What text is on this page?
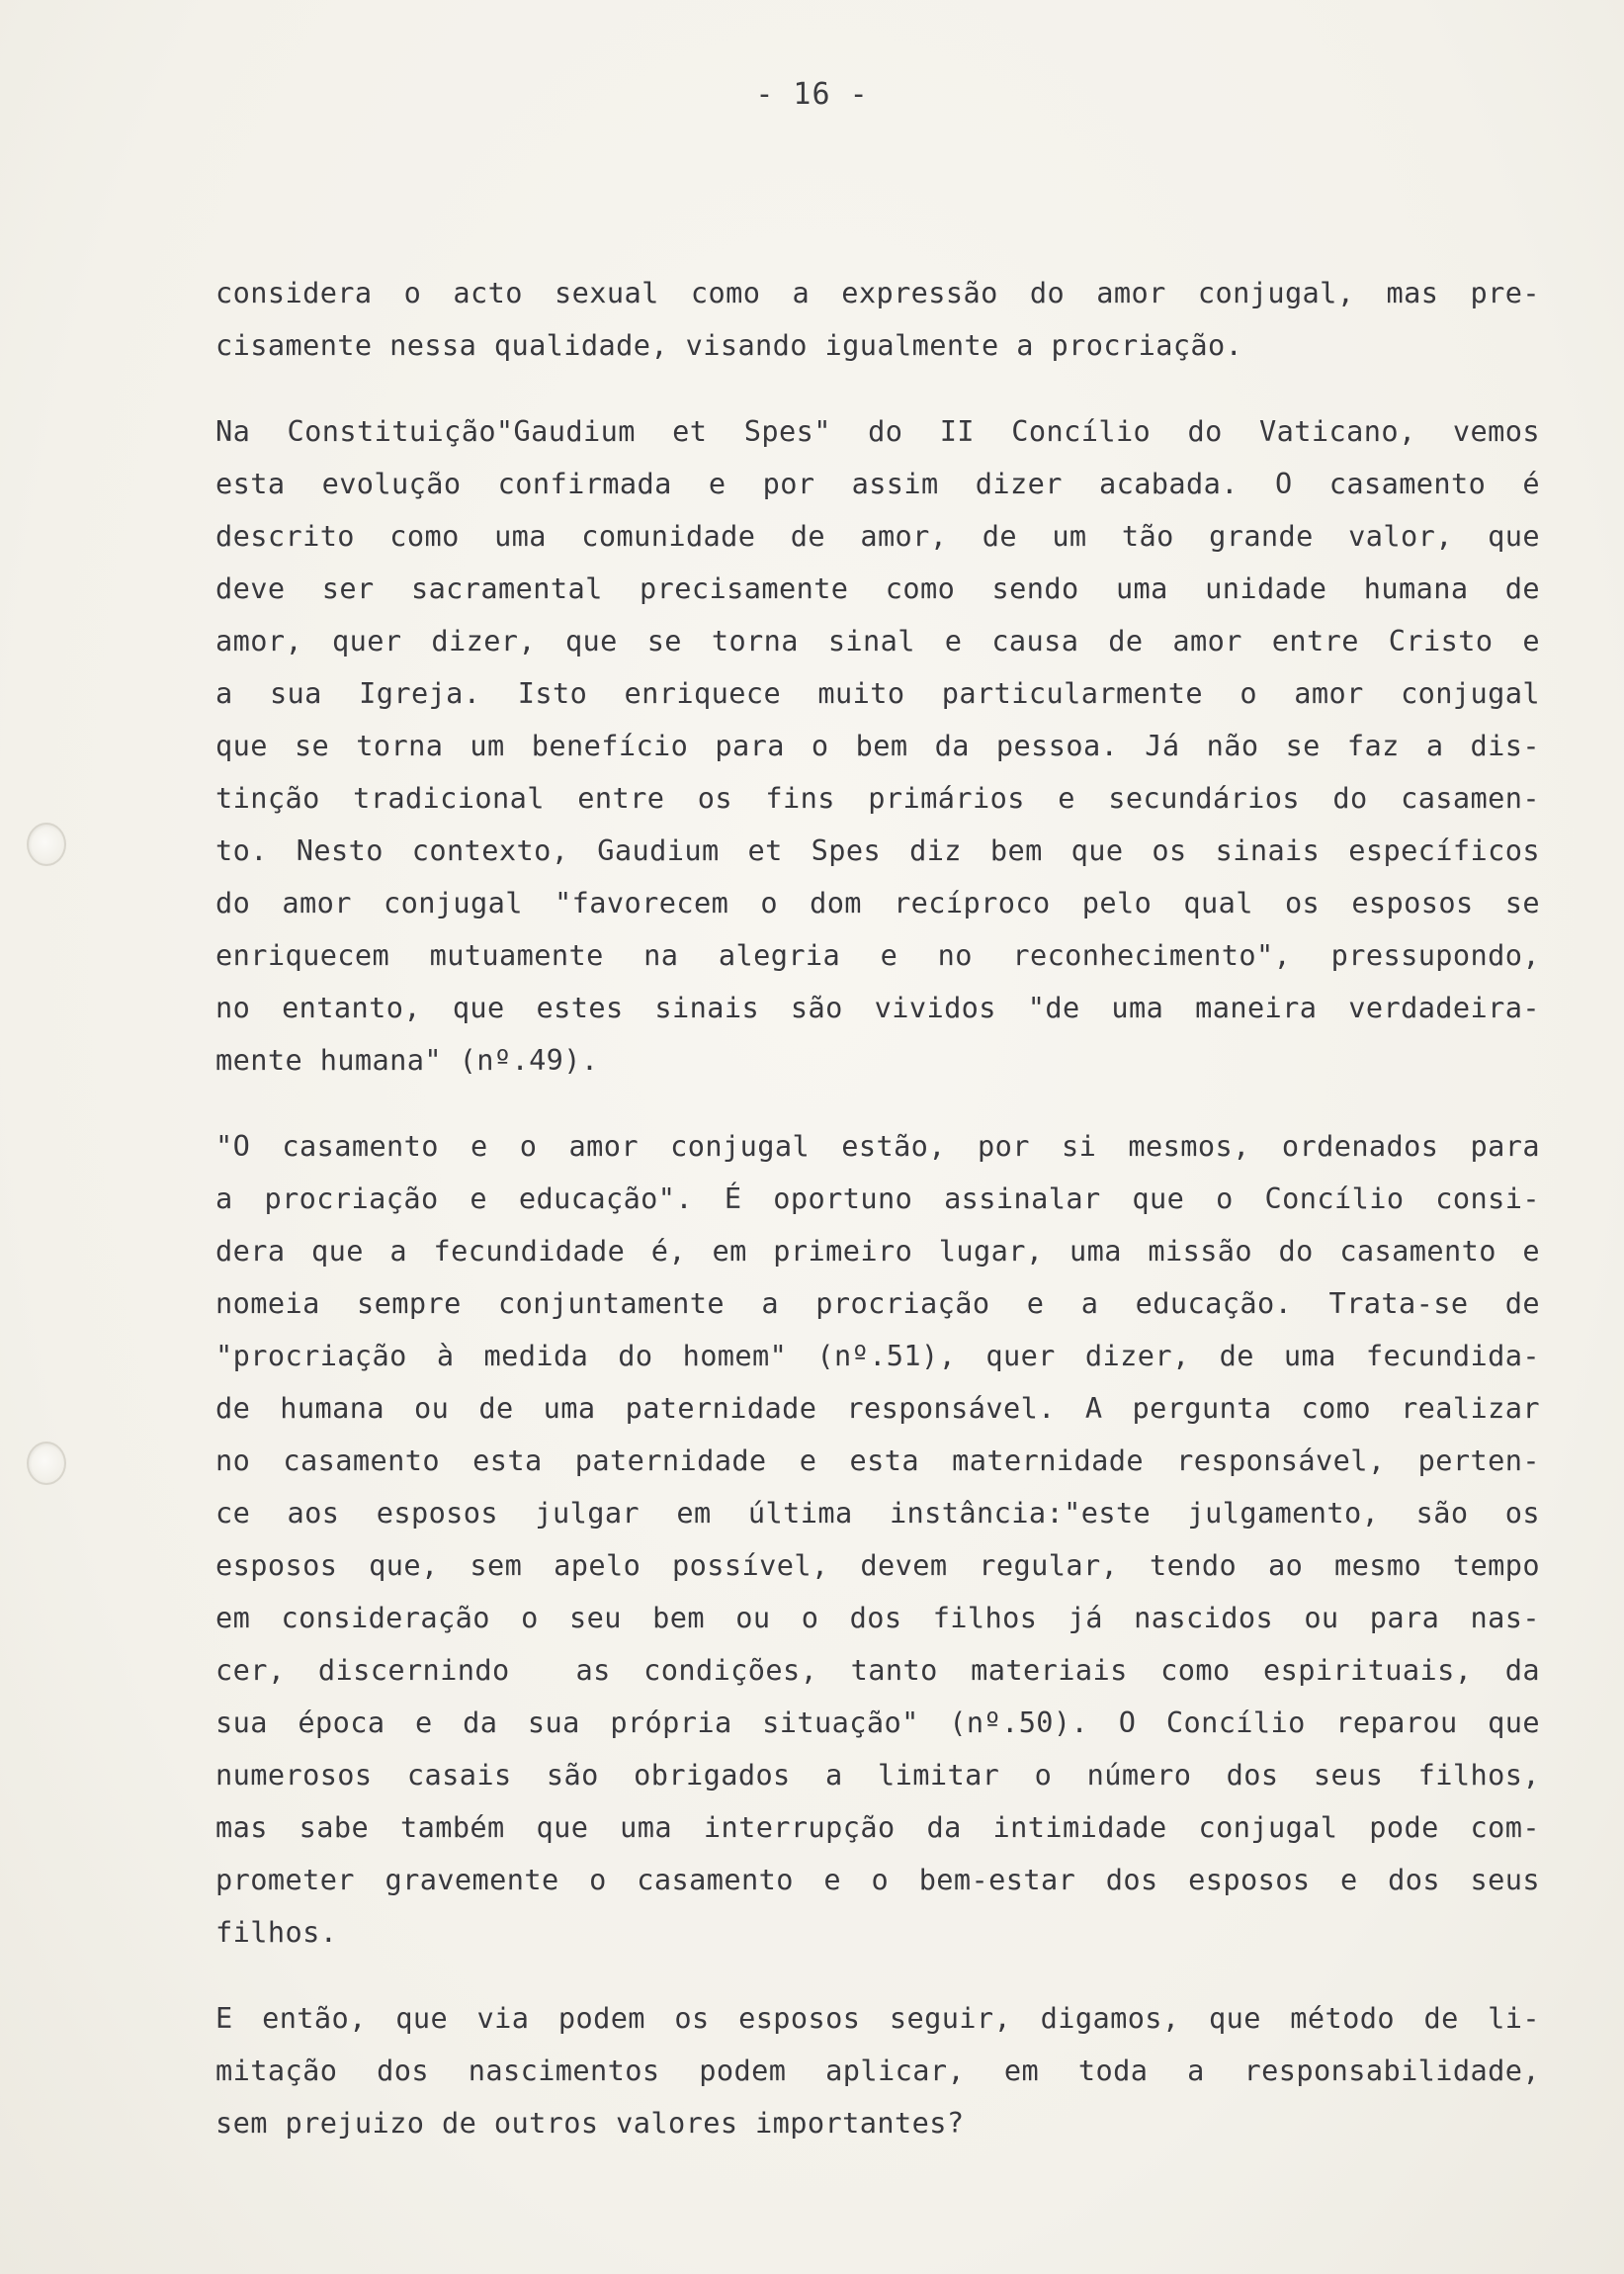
- 16 -
considera o acto sexual como a expressão do amor conjugal, mas pre-
cisamente nessa qualidade, visando igualmente a procriação.
Na Constituição"Gaudium et Spes" do II Concílio do Vaticano, vemos
esta evolução confirmada e por assim dizer acabada. O casamento é
descrito como uma comunidade de amor, de um tão grande valor, que
deve ser sacramental precisamente como sendo uma unidade humana de
amor, quer dizer, que se torna sinal e causa de amor entre Cristo e
a sua Igreja. Isto enriquece muito particularmente o amor conjugal
que se torna um benefício para o bem da pessoa. Já não se faz a dis-
tinção tradicional entre os fins primários e secundários do casamen-
to. Nesto contexto, Gaudium et Spes diz bem que os sinais específicos
do amor conjugal "favorecem o dom recíproco pelo qual os esposos se
enriquecem mutuamente na alegria e no reconhecimento", pressupondo,
no entanto, que estes sinais são vividos "de uma maneira verdadeira-
mente humana" (nº.49).
"O casamento e o amor conjugal estão, por si mesmos, ordenados para
a procriação e educação". É oportuno assinalar que o Concílio consi-
dera que a fecundidade é, em primeiro lugar, uma missão do casamento e
nomeia sempre conjuntamente a procriação e a educação. Trata-se de
"procriação à medida do homem" (nº.51), quer dizer, de uma fecundida-
de humana ou de uma paternidade responsável. A pergunta como realizar
no casamento esta paternidade e esta maternidade responsável, perten-
ce aos esposos julgar em última instância:"este julgamento, são os
esposos que, sem apelo possível, devem regular, tendo ao mesmo tempo
em consideração o seu bem ou o dos filhos já nascidos ou para nas-
cer, discernindo  as condições, tanto materiais como espirituais, da
sua época e da sua própria situação" (nº.50). O Concílio reparou que
numerosos casais são obrigados a limitar o número dos seus filhos,
mas sabe também que uma interrupção da intimidade conjugal pode com-
prometer gravemente o casamento e o bem-estar dos esposos e dos seus
filhos.
E então, que via podem os esposos seguir, digamos, que método de li-
mitação dos nascimentos podem aplicar, em toda a responsabilidade,
sem prejuizo de outros valores importantes?
